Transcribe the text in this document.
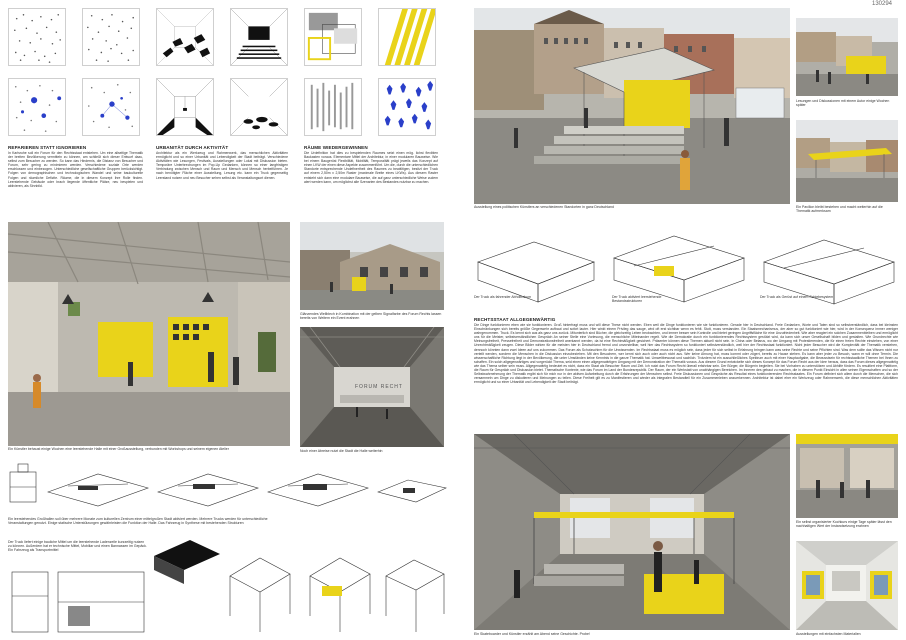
130294
REPARIEREN STATT IGNORIEREN
In Karlsruhe soll ein Forum für den Rechtsstaat entstehen. Um eine allseitige Thematik der breiten Bevölkerung vermitteln zu können, am schließt sich dieser Entwurf dazu, selbst zum Besucher zu werden. So kann das Hindernis, die Distanz von Besucher und Forum, sehr gering zu minimieren werden. Verschiedene soziale Orte werden erschlossen und einbezogen. Unterschiedliche gesellschaftliche Gruppen berücksichtigt. Folgen von demographischen und technologischen Wandel und seine baukulturelle Folgen und räumliche Defizite. Räume, die in diesem Konzept ihre Rolle finden. Leerstehende Gebäude oder brach liegende öffentliche Plätze, neu bespielen und aktivieren, als Sinnbild.
URBANITÄT DURCH AKTIVITÄT
Architektur als ein Werkzeug und Rahmenwerk, das menschlichen Aktivitäten ermöglicht und so einer Urbanität und Lebendigkeit der Stadt beiträgt. Verschiedene Aktivitäten wie Lesungen, Festivals, Ausstellungen oder Lokal mit Diskussion bieten. Temporäre Unterbrechungen im Pop-Up Gedanken, können so einer langfristigen Verbindung zwischen Mensch und Raum und Mensch und Mensch herbeiführen. Je nach benötigter Fläche einer Ausstellung, Lesung etc. kann ein Truck gegenseitig Leerstand nutzen und neu Besucher sehen selbst als Veranstaltungsort dienen.
RÄUME WIEDERGEWINNEN
Die Urdefinition hat dies zu bespielenden Raumes setzt einen mög. lichst flexiblen Baukasten voraus. Elementare Mittel der Architektur, in einer modularen Bauweise. Wie bei einem Baugerüst Flexibilität, Mobilität, Temporalität prägt jeweils das Konzept auf einen LKW der einen diese Aspekte zusammenführt. Um die, durch die unterschiedlichen Standorte entsprechende Undefinertheit des Raumes zu bewältigen, besitzt der Truck auf einem 2,50m x 2,50m Raster (maximale Breite eines LKWs). Aus diesem Raster entsteht sich dann eine modulare Bauweise, die auf ganz unterschiedliche Weise zudem alert werden kann, um möglichst alle Szenarien des Bestandes nutzbar zu machen.
Ein Künstler behaust einige Wochen eine leerstehende Halle mit einer Großausstellung, verbunden mit Workshops und seinem eigenen Atelier
Glänzendes Wellblech in Kombination mit der gelben Signalfarbe des Forum Rechts lassen bereits von Weitem ein Event erahnen
FORUM RECHT
Noch einer Abreise nutzt die Stadt die Halle weiterhin
Ein leerstehendes Großhallen soll über mehrere Monate zum kulturellen Zentrum einer mittelgroßen Stadt aktiviert werden. Mehrere Trucks werden für unterschiedliche Veranstaltungen genutzt. Einige statische Unterstützungen gewährleisten die Funktion der Halle. Das Fahrzeug in Synthese mit bestehenden Strukturen
Der Truck liefert einige bauliche Mittel um die leerstehende Ladenzeile kurzzeitig nutzen zu können. Außerdem hat er technische Mittel, Mobiliar und einen Bannassen im Gepäck. Ein Fahrzeug als Transportmittel
Ausstellung eines politischen Künstlers an verschiedenen Standorten in ganz Deutschland
Lesungen und Diskussionen mit einem Autor einige Wochen später
Ein Pavillon bleibt bestehen und macht weiterhin auf die Thematik aufmerksam
Der Truck als fahrender Abholtrakum	Der Truck aktiviert leerstehende Bestandsstrukturen
Der Truck als Gerüst auf einem Schiebesystem
RECHTSSTAAT ALLGEGENWÄRTIG
Die Dinge funktionieren eben wie sie funktionieren. Groß hinterfragt muss und will diese These nicht werden. Eben weil die Dinge funktionieren wie sie funktionieren. Gerade hier in Deutschland. Freie Gedanken, Worte und Taten sind so selbstverständlich, dass bei kleinsten Einschränkungen sich bereits größte Gegenwehr aufbaut und sofort lauter. Hier winkt einem Privileg das sauge, wird oft erst sichtbar wenn es fehlt. Stutt, muss verstanden. Ein Staatsmechanismus, der aber so gut funktioniert wie hier, wird in der Konsequenz immer weniger wahrgenommen. Truck. Es kennt sich aus als ganz uns zurück. Mitunterlich sind Bücher, die gleichzeitig Leben beobachten, und immer besser sein Kontrolle und bietet geringen Angriffsfläche für eine Unzufriedenheit. Wie aber reagiert ein solchen Zusammenbleiben und ermöglicht uns für die Meister, selbstverständlichen Gespräch An seiner Stelle eine Vorlesung, die menschliche Miteinander regelt. Wie die Demokratie durch ein funktionierendes Rechtssystem gestützt wird, da kann sich unser Gesellschaft bilden und gestalten. Wie Grundrechte wie Meinungsfreiheit, Pressefreiheit und Demonstrationsfreiheit anerkannt werden, da ist eine Rechtmäßigkeit gesichert. Präsenter können diese Themen aktuell nicht sein. In China oder Belarus, wo der Umgang mit Protestierenden, die für einen freien Rechte einstehen, von einer Unrechtmäßigkeit zeugen. Diese Bilder wirken für die meisten hier in Deutschland fremd und unvorstellbar, weil hier das Rechtssystem so funktioniert selbstverständlich, weil hier der Rechtsstaat funktioniert. Nicht jeder Besucher wird die Komplexität der Thematik verstehen, dennoch könnten dann zwei Ideen auf uns zukommen. Das Forum als Schutzschirm für die Unwissenden. Im Rechtsstaat muss es möglich sein, dass jeder für sich selbst in Erfahrung bringen kann was seine Rechte und seine Pflichten sind. Was dem sollte das Wissen nicht nur verteilt werden, sondern die Menschen in die Diskussion einzubeziehen. Mit den Besuchern, wer kennt sich auch oder auch nicht aus. Wer keine Ahnung hat, muss kommt oder zögert, bereits zu Hause stehen. Es kann aber jeder zu Besuch, wann er will ohne Termin. Die wissenschaftliche Richtung liegt in der Bevölkerung, die unter Umständen keine Kenntnis in die ganze Thematik hat. Umweltbewusst und sachlich. Trotzdem ist ein ausschließliches Spektrum auch mit einer Hauptaufgabe, die Bewusstsein für rechtsstaatliche Themen bei Ihnen zu schaffen. Ein solch allgegenwärtiges und vorgerückt Thema, seid einen einen allgegenwärtigen Umgang mit der Demonstration der Thematik voraus. Aus diesem Grund entwickelte sich dieses Konzept für das Forum Recht aus der Idee heraus, dass das Forum dieses allgegenwärtig wie das Thema selber sein muss. Allgegenwärtig bedeutet es nicht, dass ein Staat als Besucher Raum und Zeit. Ich nutzt das Forum Recht überall erfahrbar sein. Der Bürger, die Bürgerin begleiten. Sie bei Vorhaben zu unterstützen und Abhilfe fördern. Es resultiert eine Plattform, die Raum für Gespräch und Diskussion bietet. Thematische Kontexte, wie das Forum im Land der Bundesrepublik. Der Raum, der ein Werkstatt von unabhängigen Bereichen. Im Inneren des gebaut zu machen, die in diesem Punkt Einsicht in allen seinen Eigenschaften und so der Selbstwahrnehmung der Thematik ergibt sich für mich nur in der aktiven Aufarbeitung durch die Erfahrungen der Menschen selbst. Freie Diskussionen und Gespräche als Resultat eines funktionierenden Rechtsstaates. Ein Forum definiert sich allem durch die Menschen, die sich versammeln um Dinge zu diskutieren und Meinungen zu teilen. Diese Freiheit gilt es zu Manifestieren und wieder als integralen Bestandteil für ein Zusammenleben anzuerkennen. Architektur ist dabei eher ein Werkzeug oder Rahmenwerk, die diese menschlichen Aktivitäten ermöglicht und so einer Urbanität und Lebendigkeit der Stadt beiträgt.
Ein Skateboarder und Künstler erzählt am Abend seine Geschichte. Probe!
Ein selbst organisierter Kochkurs einige Tage später lässt den nachhaltigen Wert der Instandsetzung erahnen
Ausstellungen mit einfachsten Materialien
